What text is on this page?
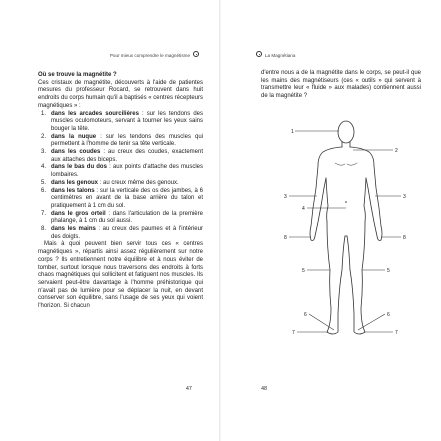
Pour mieux comprendre le magnétisme

Où se trouve la magnétite ?

Ces cristaux de magnétite, découverts à l'aide de patientes mesures du professeur Rocard, se retrouvent dans huit endroits du corps humain qu'il a baptisés « centres récepteurs magnétiques » :

1. dans les arcades sourcilières : sur les tendons des muscles oculomoteurs, servant à tourner les yeux sains bouger la tête.
2. dans la nuque : sur les tendons des muscles qui permettent à l'homme de tenir sa tête verticale.
3. dans les coudes : au creux des coudes, exactement aux attaches des biceps.
4. dans le bas du dos : aux points d'attache des muscles lombaires.
5. dans les genoux : au creux même des genoux.
6. dans les talons : sur la verticale des os des jambes, à 6 centimètres en avant de la base arrière du talon et pratiquement à 1 cm du sol.
7. dans le gros orteil : dans l'articulation de la première phalange, à 1 cm du sol aussi.
8. dans les mains : au creux des paumes et à l'intérieur des doigts.

Mais à quoi peuvent bien servir tous ces « centres magnétiques », répartis ainsi assez régulièrement sur notre corps ? Ils entretiennent notre équilibre et à nous éviter de tomber, surtout lorsque nous traversons des endroits à forts chaos magnétiques qui sollicitent et fatiguent nos muscles. Ils servaient peut-être davantage à l'homme préhistorique qui n'avait pas de lumière pour se déplacer la nuit, en devant conserver son équilibre, sans l'usage de ses yeux qui voient l'horizon. Si chacun

47
La Magnétiana

d'entre nous a de la magnétite dans le corps, se peut-il que les mains des magnétiseurs (ces « outils » qui servent à transmettre leur « fluide » aux malades) contiennent aussi de la magnétite ?

1
2
3	3
4
8	8
5	5
6	6
7	7
48
